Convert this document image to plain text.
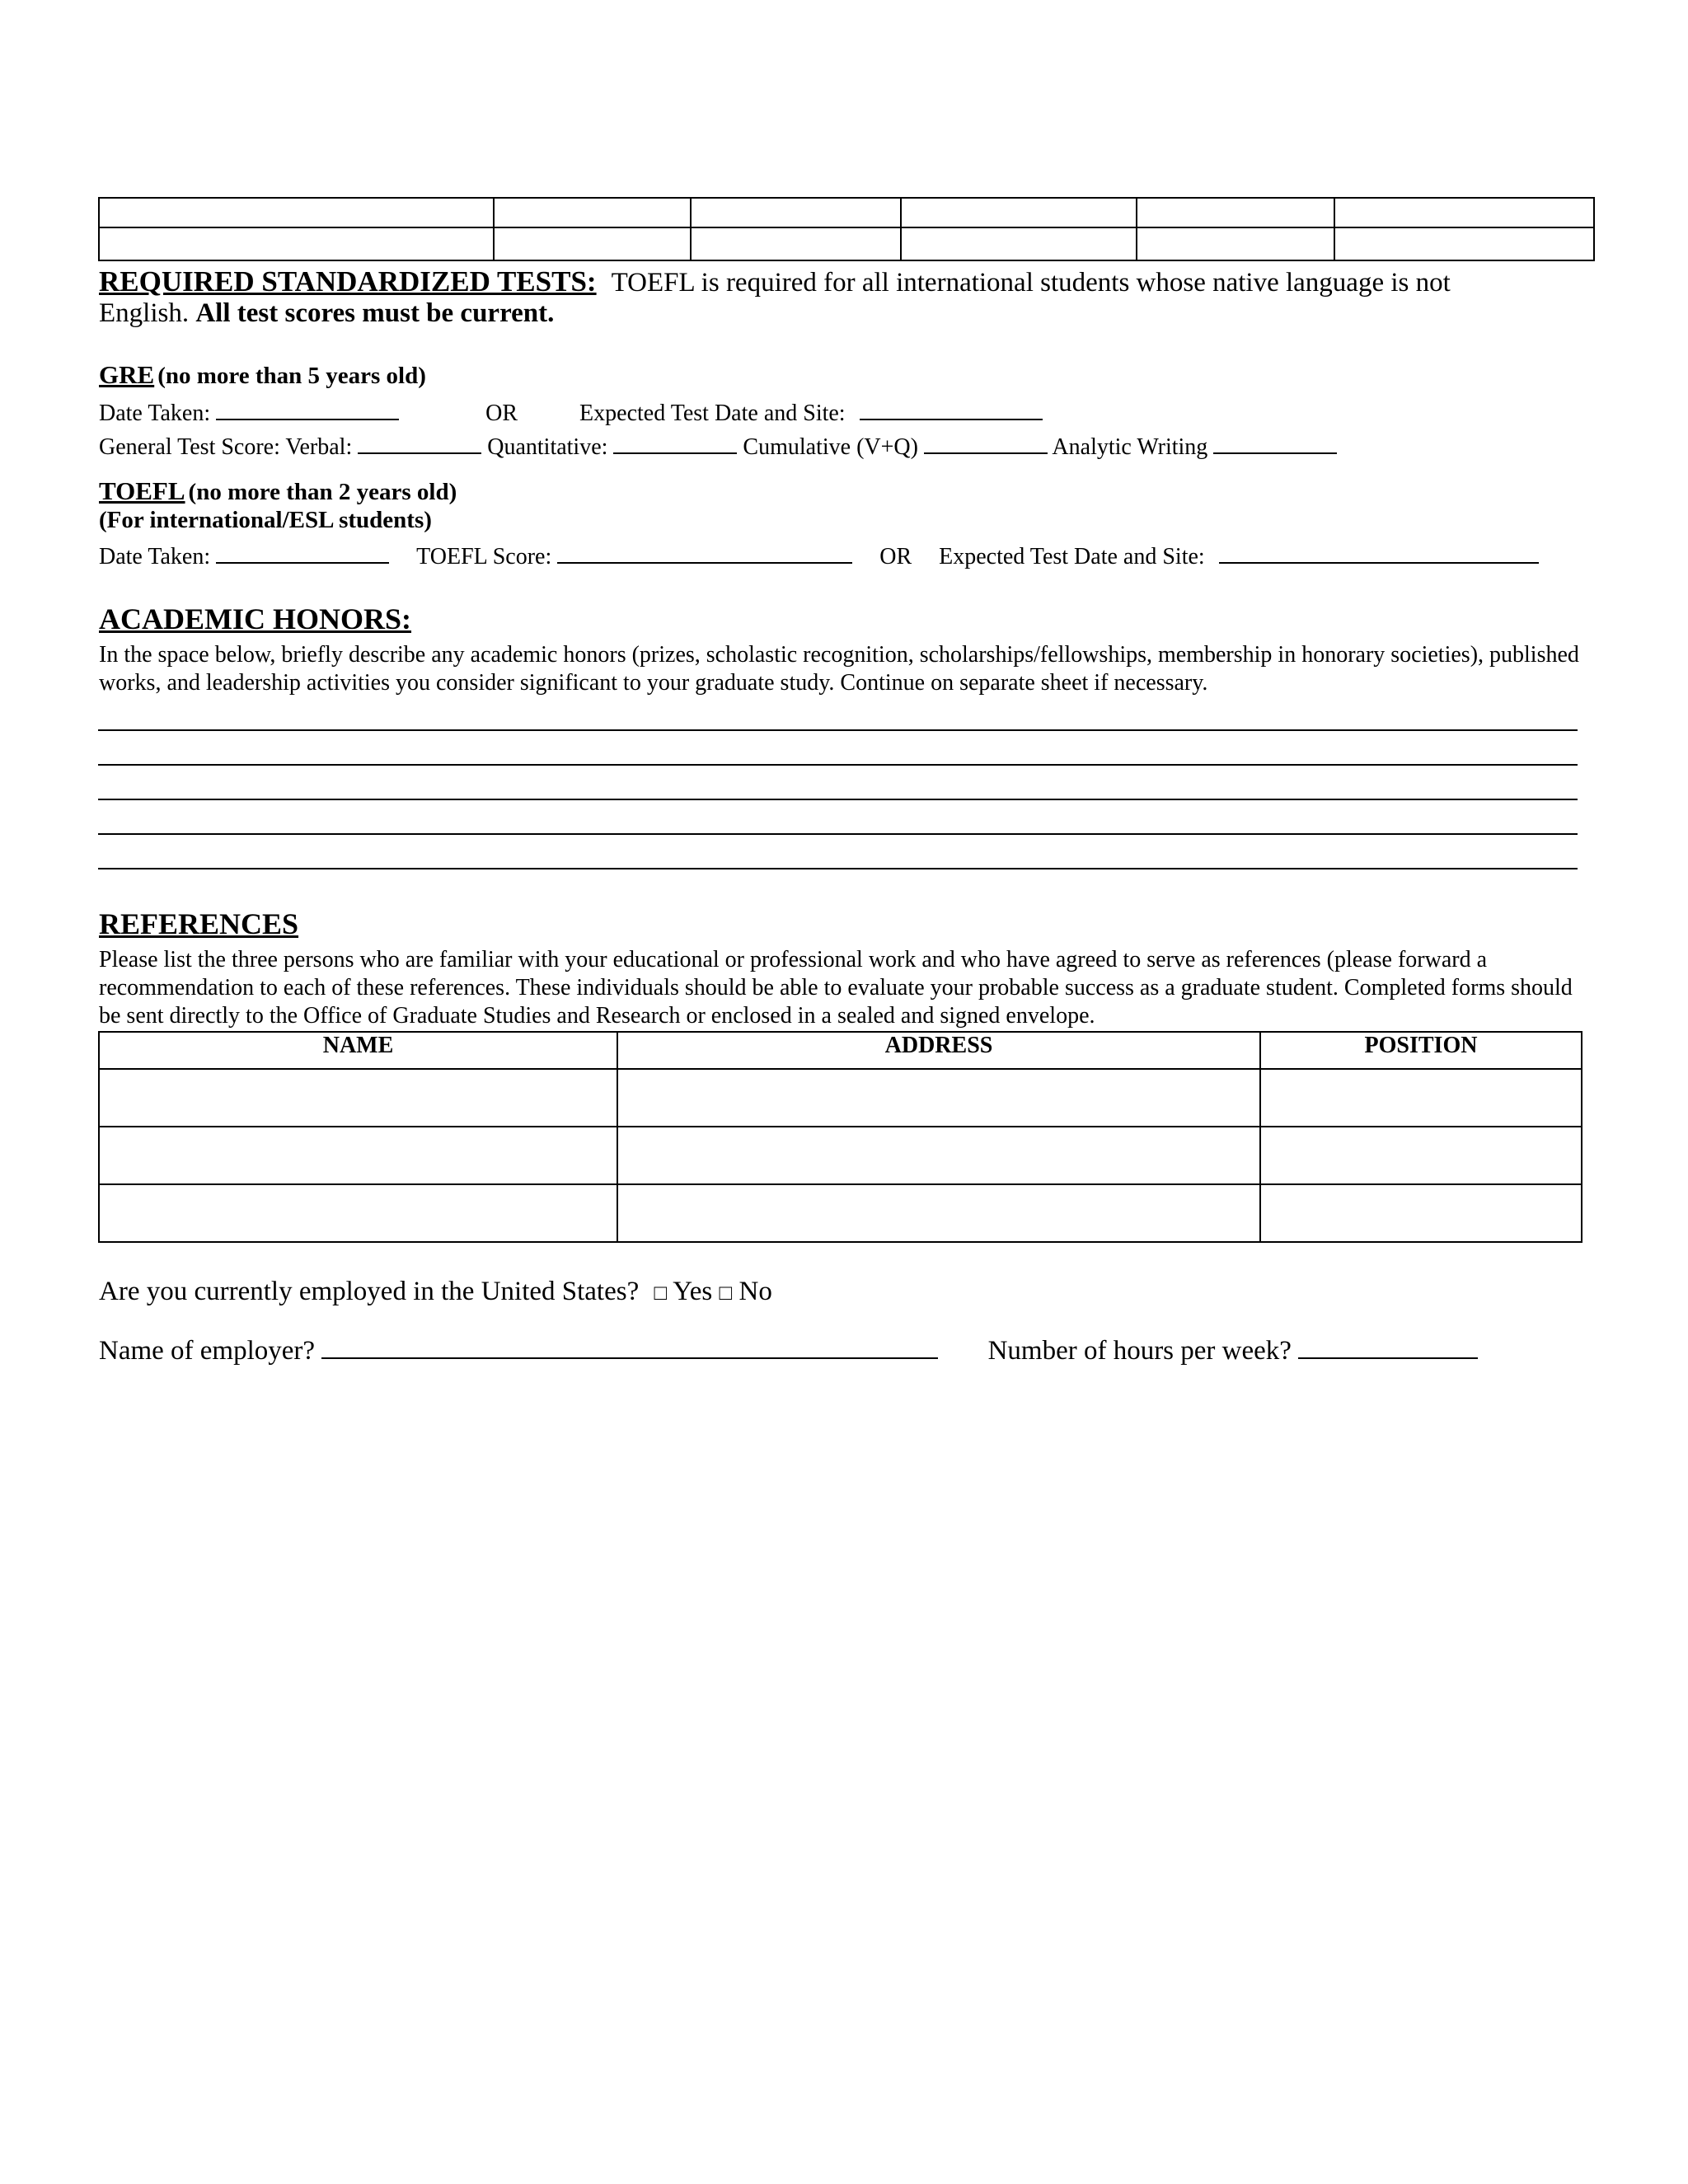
REQUIRED STANDARDIZED TESTS: TOEFL is required for all international students whose native language is not
English. All test scores must be current.
GRE (no more than 5 years old)
Date Taken:	OR	Expected Test Date and Site:
General Test Score: Verbal:	Quantitative:	Cumulative (V+Q)	Analytic Writing
TOEFL (no more than 2 years old)
(For international/ESL students)
Date Taken:	TOEFL Score:	OR Expected Test Date and Site:
ACADEMIC HONORS:
In the space below, briefly describe any academic honors (prizes, scholastic recognition, scholarships/fellowships, membership in honorary societies), published works, and leadership activities you consider significant to your graduate study. Continue on separate sheet if necessary.
REFERENCES
Please list the three persons who are familiar with your educational or professional work and who have agreed to serve as references (please forward a recommendation to each of these references. These individuals should be able to evaluate your probable success as a graduate student. Completed forms should be sent directly to the Office of Graduate Studies and Research or enclosed in a sealed and signed envelope.
NAME	ADDRESS	POSITION

Are you currently employed in the United States? □ Yes □ No
Name of employer?	Number of hours per week?
